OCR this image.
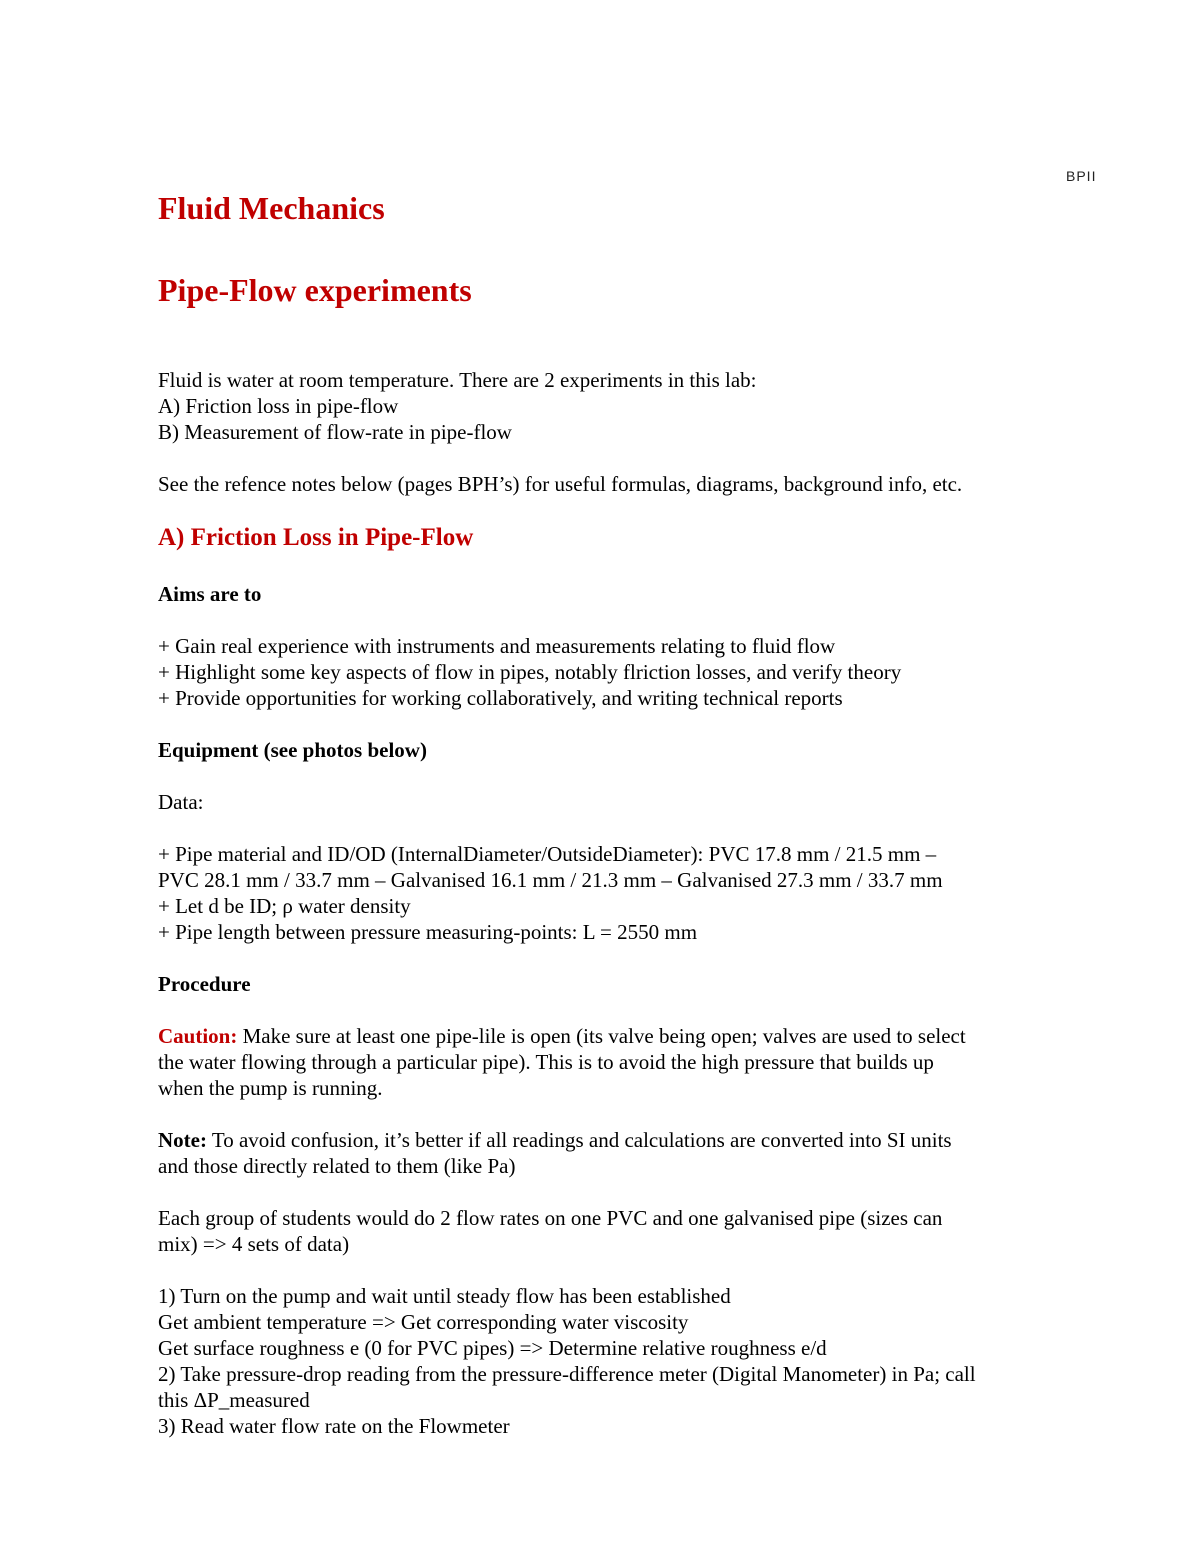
BPII
Fluid Mechanics
Pipe-Flow experiments
Fluid is water at room temperature. There are 2 experiments in this lab:
A) Friction loss in pipe-flow
B) Measurement of flow-rate in pipe-flow
See the refence notes below (pages BPH’s) for useful formulas, diagrams, background info, etc.
A) Friction Loss in Pipe-Flow
Aims are to
+ Gain real experience with instruments and measurements relating to fluid flow
+ Highlight some key aspects of flow in pipes, notably flriction losses, and verify theory
+ Provide opportunities for working collaboratively, and writing technical reports
Equipment (see photos below)
Data:
+ Pipe material and ID/OD (InternalDiameter/OutsideDiameter): PVC 17.8 mm / 21.5 mm –
PVC 28.1 mm / 33.7 mm – Galvanised 16.1 mm / 21.3 mm – Galvanised 27.3 mm / 33.7 mm
+ Let d be ID; ρ water density
+ Pipe length between pressure measuring-points: L = 2550 mm
Procedure
Caution: Make sure at least one pipe-lile is open (its valve being open; valves are used to select
the water flowing through a particular pipe). This is to avoid the high pressure that builds up
when the pump is running.
Note: To avoid confusion, it’s better if all readings and calculations are converted into SI units
and those directly related to them (like Pa)
Each group of students would do 2 flow rates on one PVC and one galvanised pipe (sizes can
mix) => 4 sets of data)
1) Turn on the pump and wait until steady flow has been established
Get ambient temperature => Get corresponding water viscosity
Get surface roughness e (0 for PVC pipes) => Determine relative roughness e/d
2) Take pressure-drop reading from the pressure-difference meter (Digital Manometer) in Pa; call
this ΔP_measured
3) Read water flow rate on the Flowmeter
